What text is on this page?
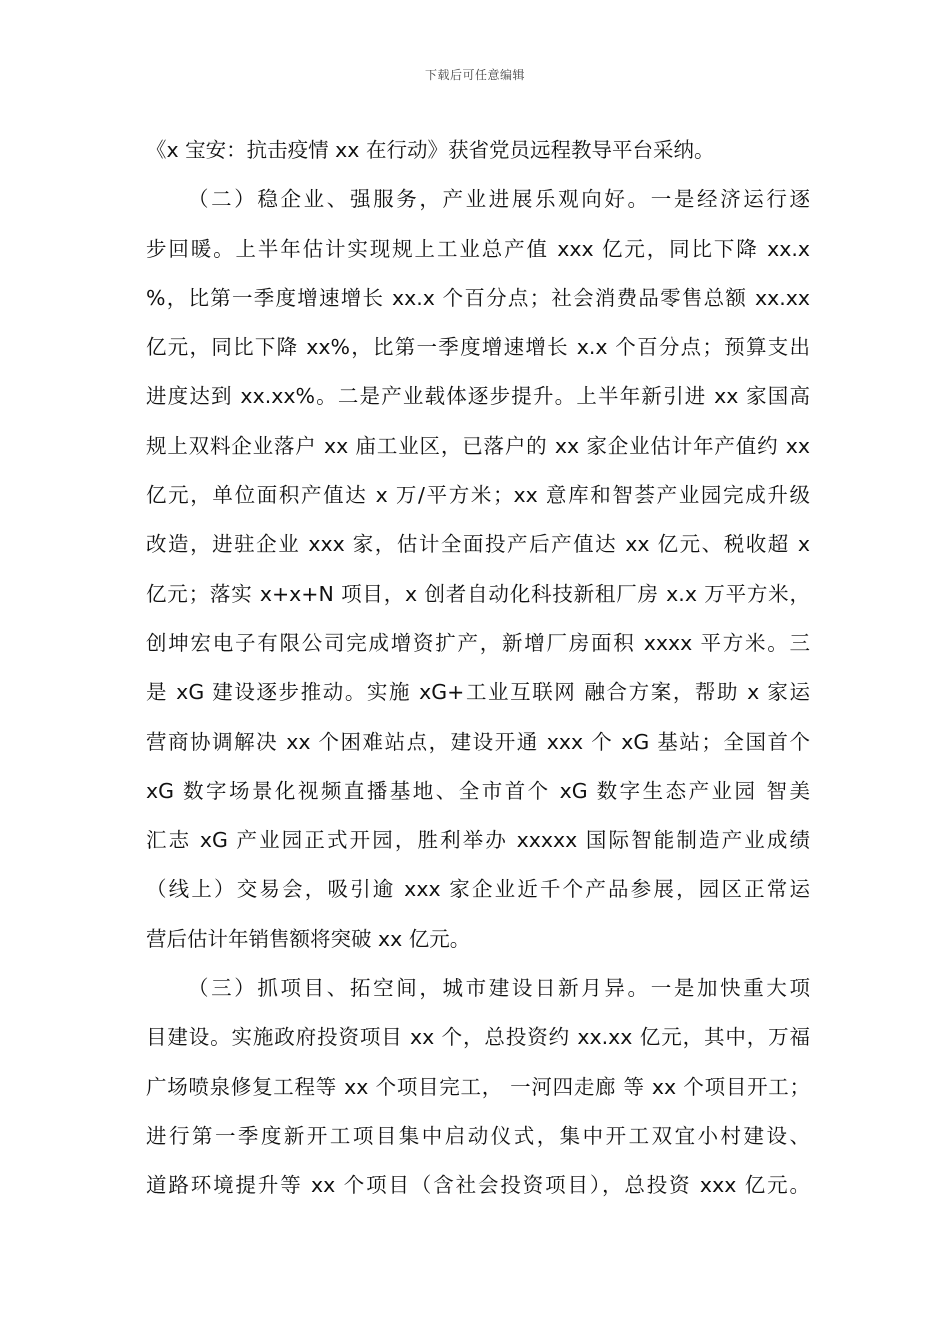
下载后可任意编辑
《x 宝安：抗击疫情 xx 在行动》获省党员远程教导平台采纳。
（二）稳企业、强服务，产业进展乐观向好。一是经济运行逐
步回暖。上半年估计实现规上工业总产值 xxx 亿元，同比下降 xx.x
%，比第一季度增速增长 xx.x 个百分点；社会消费品零售总额 xx.xx
亿元，同比下降 xx%，比第一季度增速增长 x.x 个百分点；预算支出
进度达到 xx.xx%。二是产业载体逐步提升。上半年新引进 xx 家国高
规上双料企业落户 xx 庙工业区，已落户的 xx 家企业估计年产值约 xx
亿元，单位面积产值达 x 万/平方米；xx 意库和智荟产业园完成升级
改造，进驻企业 xxx 家，估计全面投产后产值达 xx 亿元、税收超 x
亿元；落实 x+x+N 项目，x 创者自动化科技新租厂房 x.x 万平方米，
创坤宏电子有限公司完成增资扩产，新增厂房面积 xxxx 平方米。三
是 xG 建设逐步推动。实施 xG+工业互联网 融合方案，帮助 x 家运
营商协调解决 xx 个困难站点，建设开通 xxx 个 xG 基站；全国首个
xG 数字场景化视频直播基地、全市首个 xG 数字生态产业园 智美
汇志 xG 产业园正式开园，胜利举办 xxxxx 国际智能制造产业成绩
（线上）交易会，吸引逾 xxx 家企业近千个产品参展，园区正常运
营后估计年销售额将突破 xx 亿元。
（三）抓项目、拓空间，城市建设日新月异。一是加快重大项
目建设。实施政府投资项目 xx 个，总投资约 xx.xx 亿元，其中，万福
广场喷泉修复工程等 xx 个项目完工， 一河四走廊 等 xx 个项目开工；
进行第一季度新开工项目集中启动仪式，集中开工双宜小村建设、
道路环境提升等 xx 个项目（含社会投资项目），总投资 xxx 亿元。
